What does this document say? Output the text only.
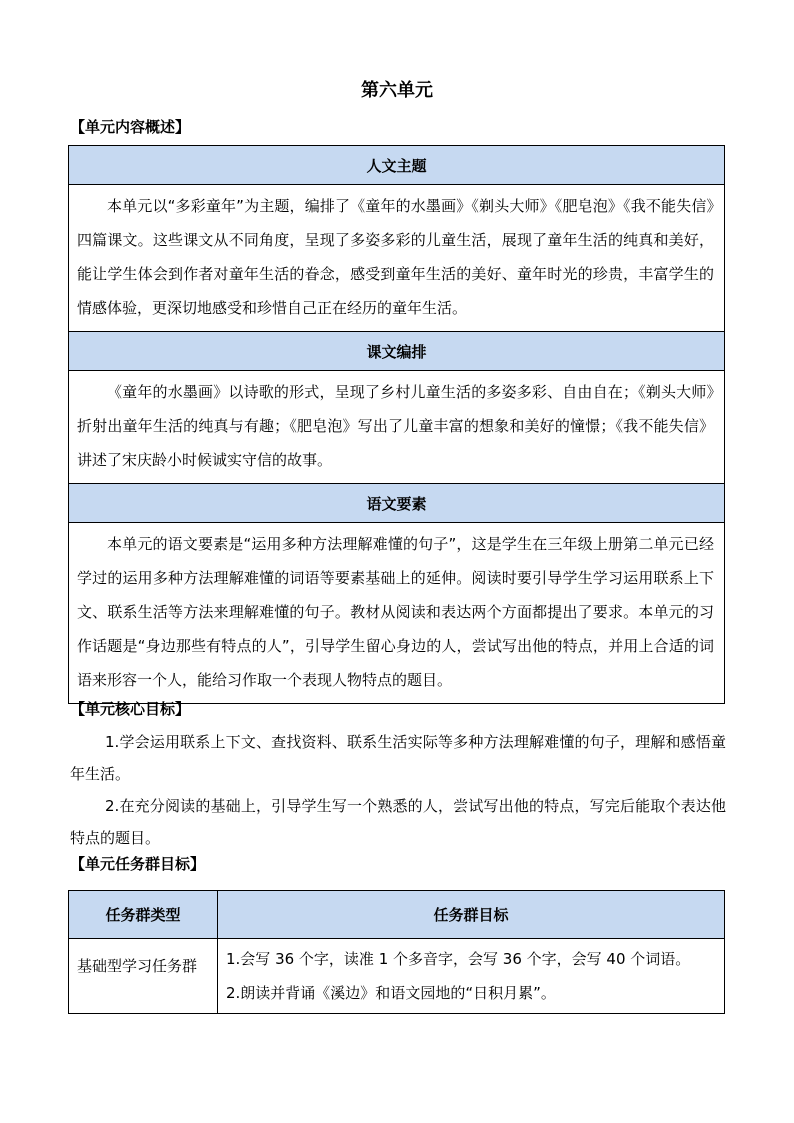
第六单元
【单元内容概述】
人文主题
本单元以“多彩童年”为主题，编排了《童年的水墨画》《剃头大师》《肥皂泡》《我不能失信》四篇课文。这些课文从不同角度，呈现了多姿多彩的儿童生活，展现了童年生活的纯真和美好，能让学生体会到作者对童年生活的眷念，感受到童年生活的美好、童年时光的珍贵，丰富学生的情感体验，更深切地感受和珍惜自己正在经历的童年生活。
课文编排
《童年的水墨画》以诗歌的形式，呈现了乡村儿童生活的多姿多彩、自由自在；《剃头大师》折射出童年生活的纯真与有趣；《肥皂泡》写出了儿童丰富的想象和美好的憧憬；《我不能失信》讲述了宋庆龄小时候诚实守信的故事。
语文要素
本单元的语文要素是“运用多种方法理解难懂的句子”，这是学生在三年级上册第二单元已经学过的运用多种方法理解难懂的词语等要素基础上的延伸。阅读时要引导学生学习运用联系上下文、联系生活等方法来理解难懂的句子。教材从阅读和表达两个方面都提出了要求。本单元的习作话题是“身边那些有特点的人”，引导学生留心身边的人，尝试写出他的特点，并用上合适的词语来形容一个人，能给习作取一个表现人物特点的题目。
【单元核心目标】
1.学会运用联系上下文、查找资料、联系生活实际等多种方法理解难懂的句子，理解和感悟童年生活。
2.在充分阅读的基础上，引导学生写一个熟悉的人，尝试写出他的特点，写完后能取个表达他特点的题目。
【单元任务群目标】
任务群类型	任务群目标
基础型学习任务群	1.会写 36 个字，读准 1 个多音字，会写 36 个字，会写 40 个词语。
2.朗读并背诵《溪边》和语文园地的“日积月累”。
